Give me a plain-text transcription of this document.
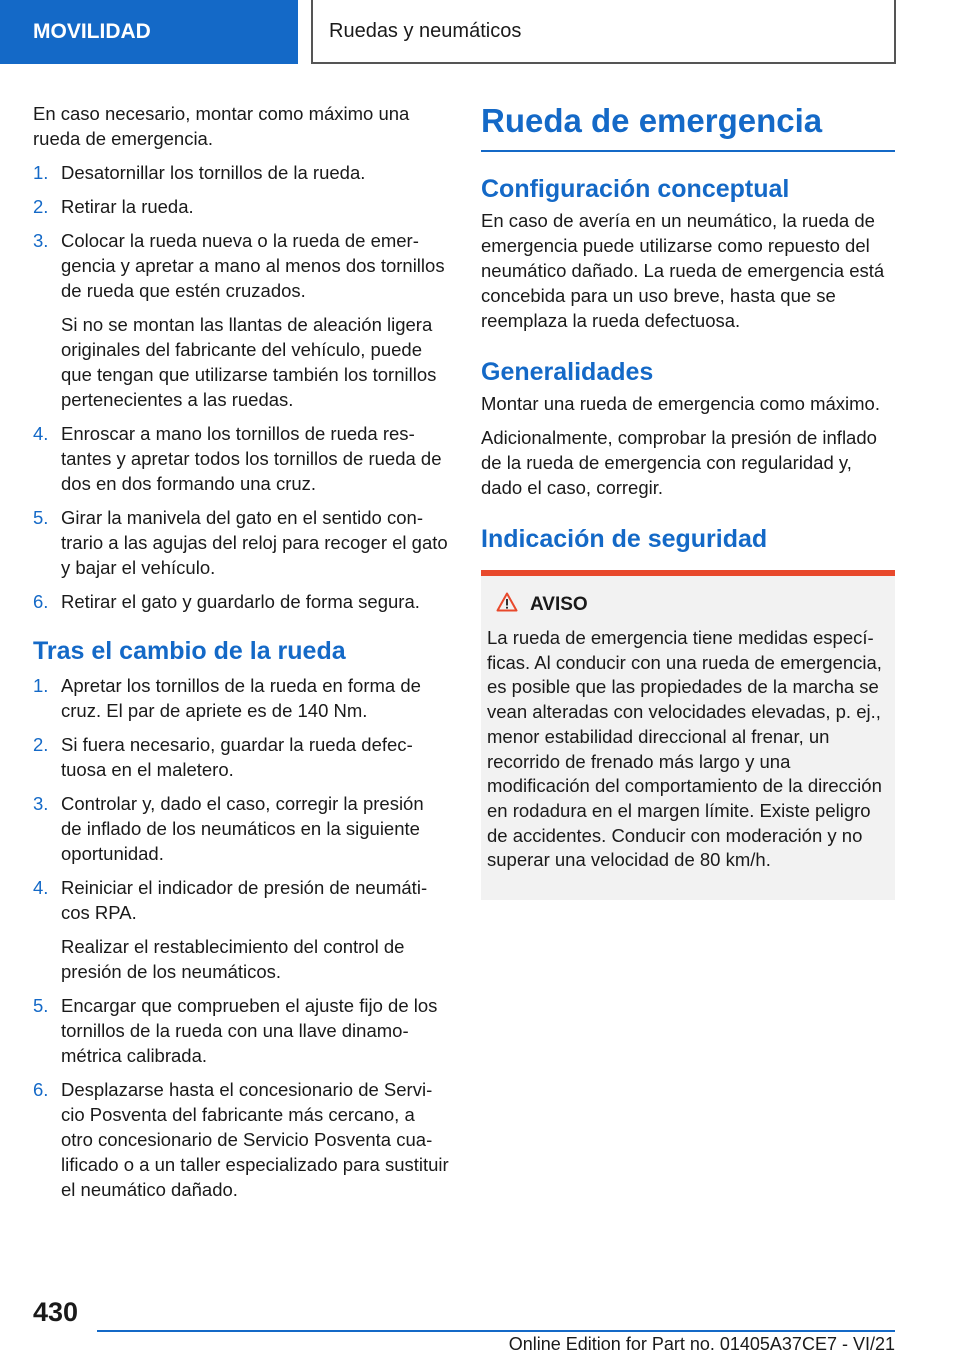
MOVILIDAD	Ruedas y neumáticos

En caso necesario, montar como máximo una rueda de emergencia.

1. Desatornillar los tornillos de la rueda.
2. Retirar la rueda.
3. Colocar la rueda nueva o la rueda de emergencia y apretar a mano al menos dos tornillos de rueda que estén cruzados.

Si no se montan las llantas de aleación ligera originales del fabricante del vehículo, puede que tengan que utilizarse también los tornillos pertenecientes a las ruedas.

4. Enroscar a mano los tornillos de rueda restantes y apretar todos los tornillos de rueda de dos en dos formando una cruz.
5. Girar la manivela del gato en el sentido contrario a las agujas del reloj para recoger el gato y bajar el vehículo.
6. Retirar el gato y guardarlo de forma segura.
Tras el cambio de la rueda
1. Apretar los tornillos de la rueda en forma de cruz. El par de apriete es de 140 Nm.
2. Si fuera necesario, guardar la rueda defectuosa en el maletero.
3. Controlar y, dado el caso, corregir la presión de inflado de los neumáticos en la siguiente oportunidad.
4. Reiniciar el indicador de presión de neumáticos RPA.

Realizar el restablecimiento del control de presión de los neumáticos.

5. Encargar que comprueben el ajuste fijo de los tornillos de la rueda con una llave dinamométrica calibrada.
6. Desplazarse hasta el concesionario de Servicio Posventa del fabricante más cercano, a otro concesionario de Servicio Posventa cualificado o a un taller especializado para sustituir el neumático dañado.
Rueda de emergencia
Configuración conceptual

En caso de avería en un neumático, la rueda de emergencia puede utilizarse como repuesto del neumático dañado. La rueda de emergencia está concebida para un uso breve, hasta que se reemplaza la rueda defectuosa.

Generalidades

Montar una rueda de emergencia como máximo.

Adicionalmente, comprobar la presión de inflado de la rueda de emergencia con regularidad y, dado el caso, corregir.

Indicación de seguridad
AVISO

La rueda de emergencia tiene medidas específicas. Al conducir con una rueda de emergencia, es posible que las propiedades de la marcha se vean alteradas con velocidades elevadas, p. ej., menor estabilidad direccional al frenar, un recorrido de frenado más largo y una modificación del comportamiento de la dirección en rodadura en el margen límite. Existe peligro de accidentes. Conducir con moderación y no superar una velocidad de 80 km/h.

430
Online Edition for Part no. 01405A37CE7 - VI/21
